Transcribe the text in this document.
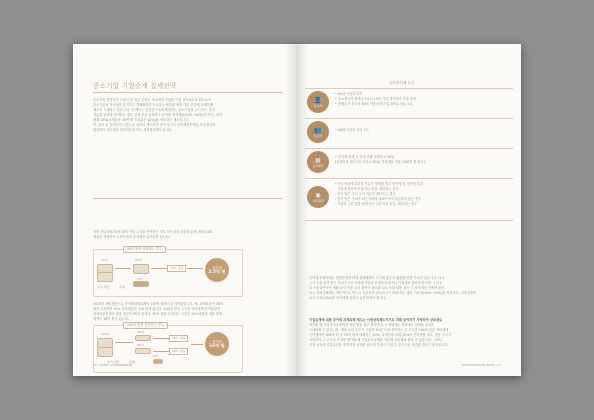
중소기업 기업승계 절세전략
중소기업 경영자가 고령이 된 경우 본인이 자녀에게 가업을 이전 상속하도록 원으로서
중소기업의 영속성을 유지하고 경제활력을 도모하는 세법을 제정 대한 중과세 과세특례
제도가 시행되고 있습니다. 이 제도는 법정간으로써 해당하는 중소기업을 주식 또는 출자
지분을 증여에 증여하는 경우 전체 증을 공제하고 증여세 일반세율(10%~50%)이 아닌, 최저
세율 10%(과세표준 30억 원 초과분은 20%)를 적용하는 제도입니다.
단, 증여 후 증여자의 사망으로 상속이 개시되면 증여 당시의 증여재산가액을 상속재산에
합산하여 상속세로 정산하도록 하는 세선정과제도입니다.
가령 자녀에게 30억 원의 가업 주식을 증여하는 경우 5억 원을 차감한 25억 원에 10%
세율을 적용하여 2.5억 원의 증여세만 납부하면 됩니다.
30억 원을 증여하는 경우
30억
증여 재산	공제
25억
5억
10% 세율	증여세
2.5억 원
2013년 세법개정으로 증여세과세특례의 100억 원까지 증가하였습니다. 예: 과세표준이 30억
원을 초과하면 20% 단일세율을 적용 받게 됩니다. 100억 원의 주식을 자녀에게 증여한다면
과세표준은 5억 원을 차감한 95억 원에서, 30억 원을 초과하는 부분인 20%세율을 적용 받게
세액이 16억 원이 됩니다.
100억 원을 증여하는 경우
100억
증여 재산	공제
30억
65억
5억
10% 세율
20% 세율
증여세
16억 원
16 | SMART SHOPPINGBOOK
증여세 특례 요건
👤
증여자
• 60세 이상의 부모
• 중소법인의 최대주주로서 10년 이상 계속하여 가업 경영
• 발행주식 총수의 50% 이상(상장기업 30%) 지분 소유
👥
수증자
• 18세 이상인 자녀 1인
▤
증여재산
• 중여세 과세 시 전체 증을 공제하고 10%
(과세표준 30억 원 초과시 20%) 단일세율 적용 (100억 원 한도)
◉
사후관리
• 7년 이내에 다음의 사유가 발생한 경우 증여세 및 가산세 부과
- 가업에 종사하지 않거나 휴업, 폐업하는 경우
- 증여 받은 주식 등의 지분이 줄어드는 경우
- 증여 받은 자녀가 5년 이내에 대표이사에 취임하지 않는 경우
- 가업의 주된 업종 변경 또는 1년 이상 휴업, 폐업하는 경우
증여세 과세특례는 일반증여에 비해 절세혜택이 크기에 충분히 활용할 만한 가치가 있습니다. 다시
주식 등을 증여 받은 자녀가 7년 이내에 가업을 승계하지 않거나 가업에서 탈퇴하게 되면 그 다음
다시에 일반증여 세율 등의 적용 요건 확인이 필요합니다. 또한 향후 상속 시 상속재산 가액에 합산
되는 과세특례제도 적용하므로 반드시 신중하게 검토하시기 바랍니다. 제정 기준액(10%~50%)을 적용하고, 이자상당액
(1일 3/10,000)을 증여세에 살피어 납부하여야 합니다.
기업승계에 대한 중여세 과세특례 제도는 사전상속제도이므로 미래 증여자가 사망하여 상속세로
정산할 때 가업상속공제까지 적용 받을 경우 향후에 유고 상황에도 경영에도 절세와 효과를
극대화할 수 있습니다. 예를 들어 부모가 가업을 40년 이상 경영하는 중 주식을 100억 원을 자녀에게
증여했다면 100억 원 중 30억 원에 대해서는 10%, 나머지에 대해 20%의 증여세를 내고, 향후 부모가
사망하여 그 주식의 가치를 평가할 때 가업상속공제를 적용해 상속세를 줄일 수 있습니다. 그러나
사망 시점에 사업요건을 충족하지 못하면 상속세 부담이 커질 수 있으므로 신중한 검토가 필요합니다.
SMARTSHOPPING BOOK | 17
